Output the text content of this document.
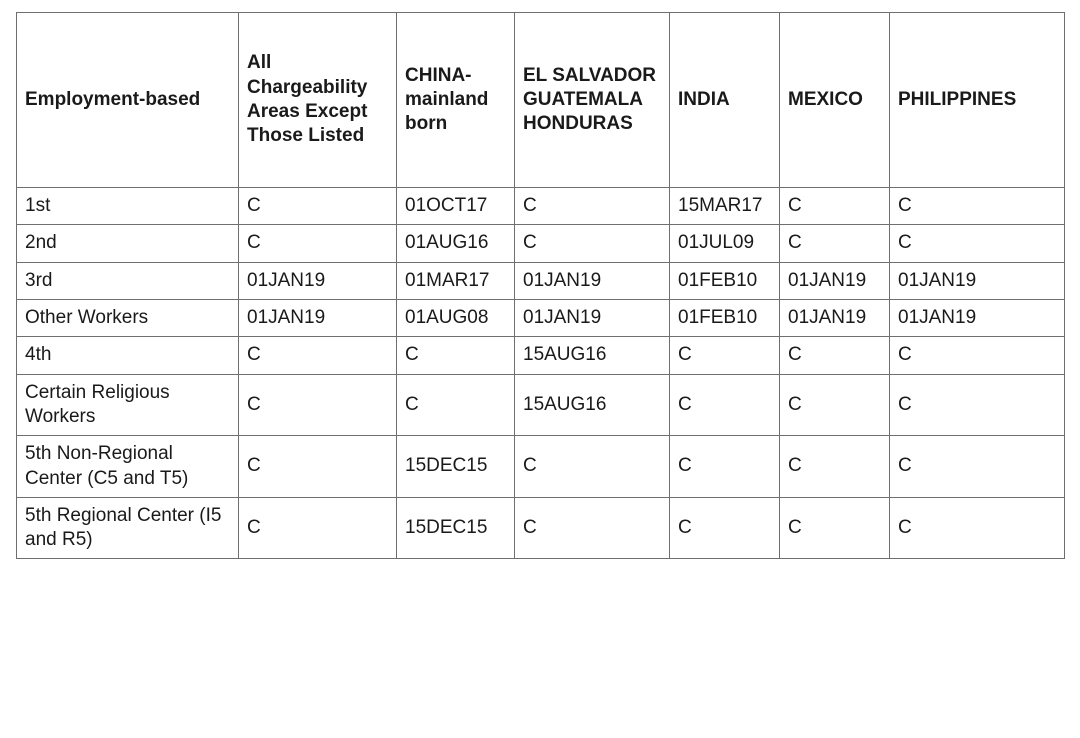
Employment-based	All Chargeability Areas Except Those Listed	CHINA-mainland born	EL SALVADOR GUATEMALA HONDURAS	INDIA	MEXICO	PHILIPPINES
1st	C	01OCT17	C	15MAR17	C	C
2nd	C	01AUG16	C	01JUL09	C	C
3rd	01JAN19	01MAR17	01JAN19	01FEB10	01JAN19	01JAN19
Other Workers	01JAN19	01AUG08	01JAN19	01FEB10	01JAN19	01JAN19
4th	C	C	15AUG16	C	C	C
Certain Religious Workers	C	C	15AUG16	C	C	C
5th Non-Regional Center (C5 and T5)	C	15DEC15	C	C	C	C
5th Regional Center (I5 and R5)	C	15DEC15	C	C	C	C
